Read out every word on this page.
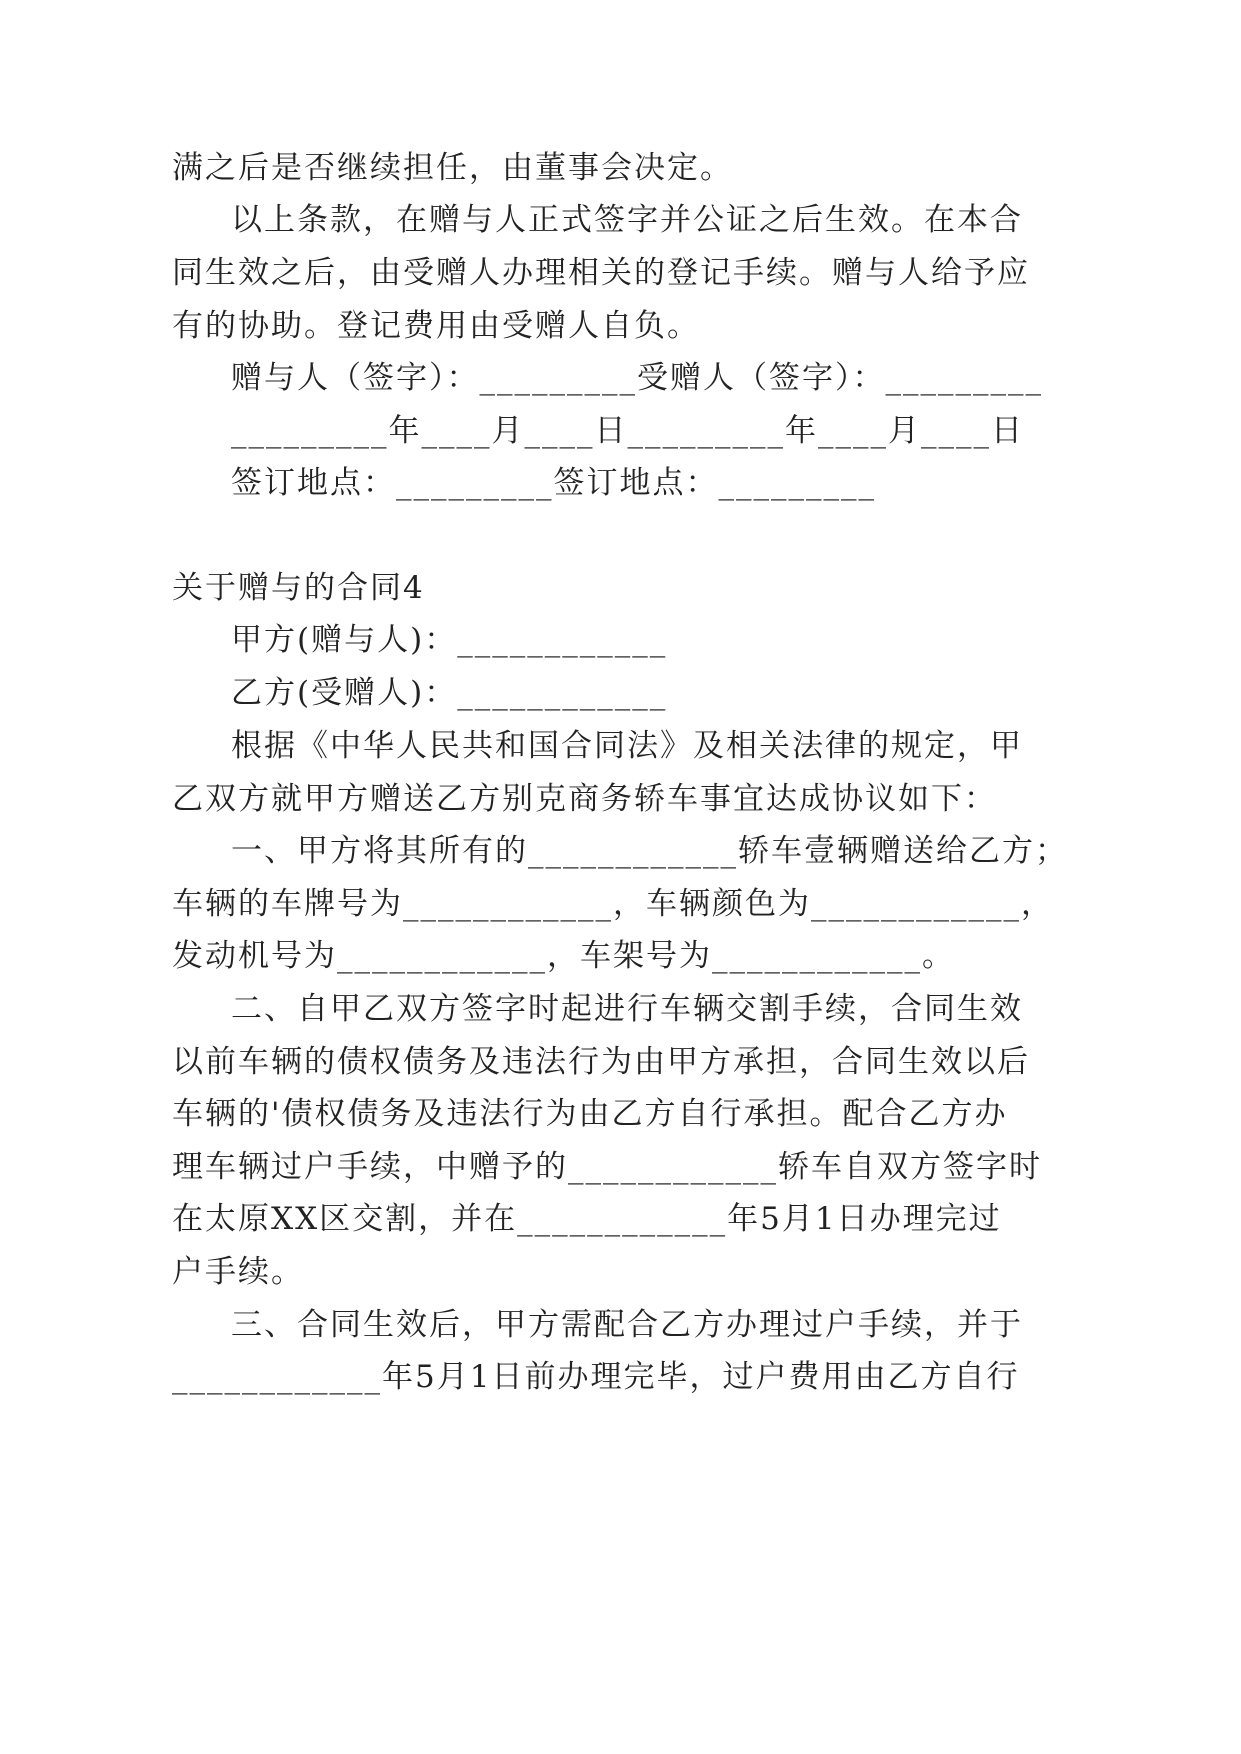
满之后是否继续担任，由董事会决定。
以上条款，在赠与人正式签字并公证之后生效。在本合
同生效之后，由受赠人办理相关的登记手续。赠与人给予应
有的协助。登记费用由受赠人自负。
赠与人（签字）：_________受赠人（签字）：_________
_________年____月____日_________年____月____日
签订地点：_________签订地点：_________
关于赠与的合同4
甲方(赠与人)：____________
乙方(受赠人)：____________
根据《中华人民共和国合同法》及相关法律的规定，甲
乙双方就甲方赠送乙方别克商务轿车事宜达成协议如下：
一、甲方将其所有的____________轿车壹辆赠送给乙方；
车辆的车牌号为____________，车辆颜色为____________，
发动机号为____________，车架号为____________。
二、自甲乙双方签字时起进行车辆交割手续，合同生效
以前车辆的债权债务及违法行为由甲方承担，合同生效以后
车辆的'债权债务及违法行为由乙方自行承担。配合乙方办
理车辆过户手续，中赠予的____________轿车自双方签字时
在太原XX区交割，并在____________年5月1日办理完过
户手续。
三、合同生效后，甲方需配合乙方办理过户手续，并于
____________年5月1日前办理完毕，过户费用由乙方自行
